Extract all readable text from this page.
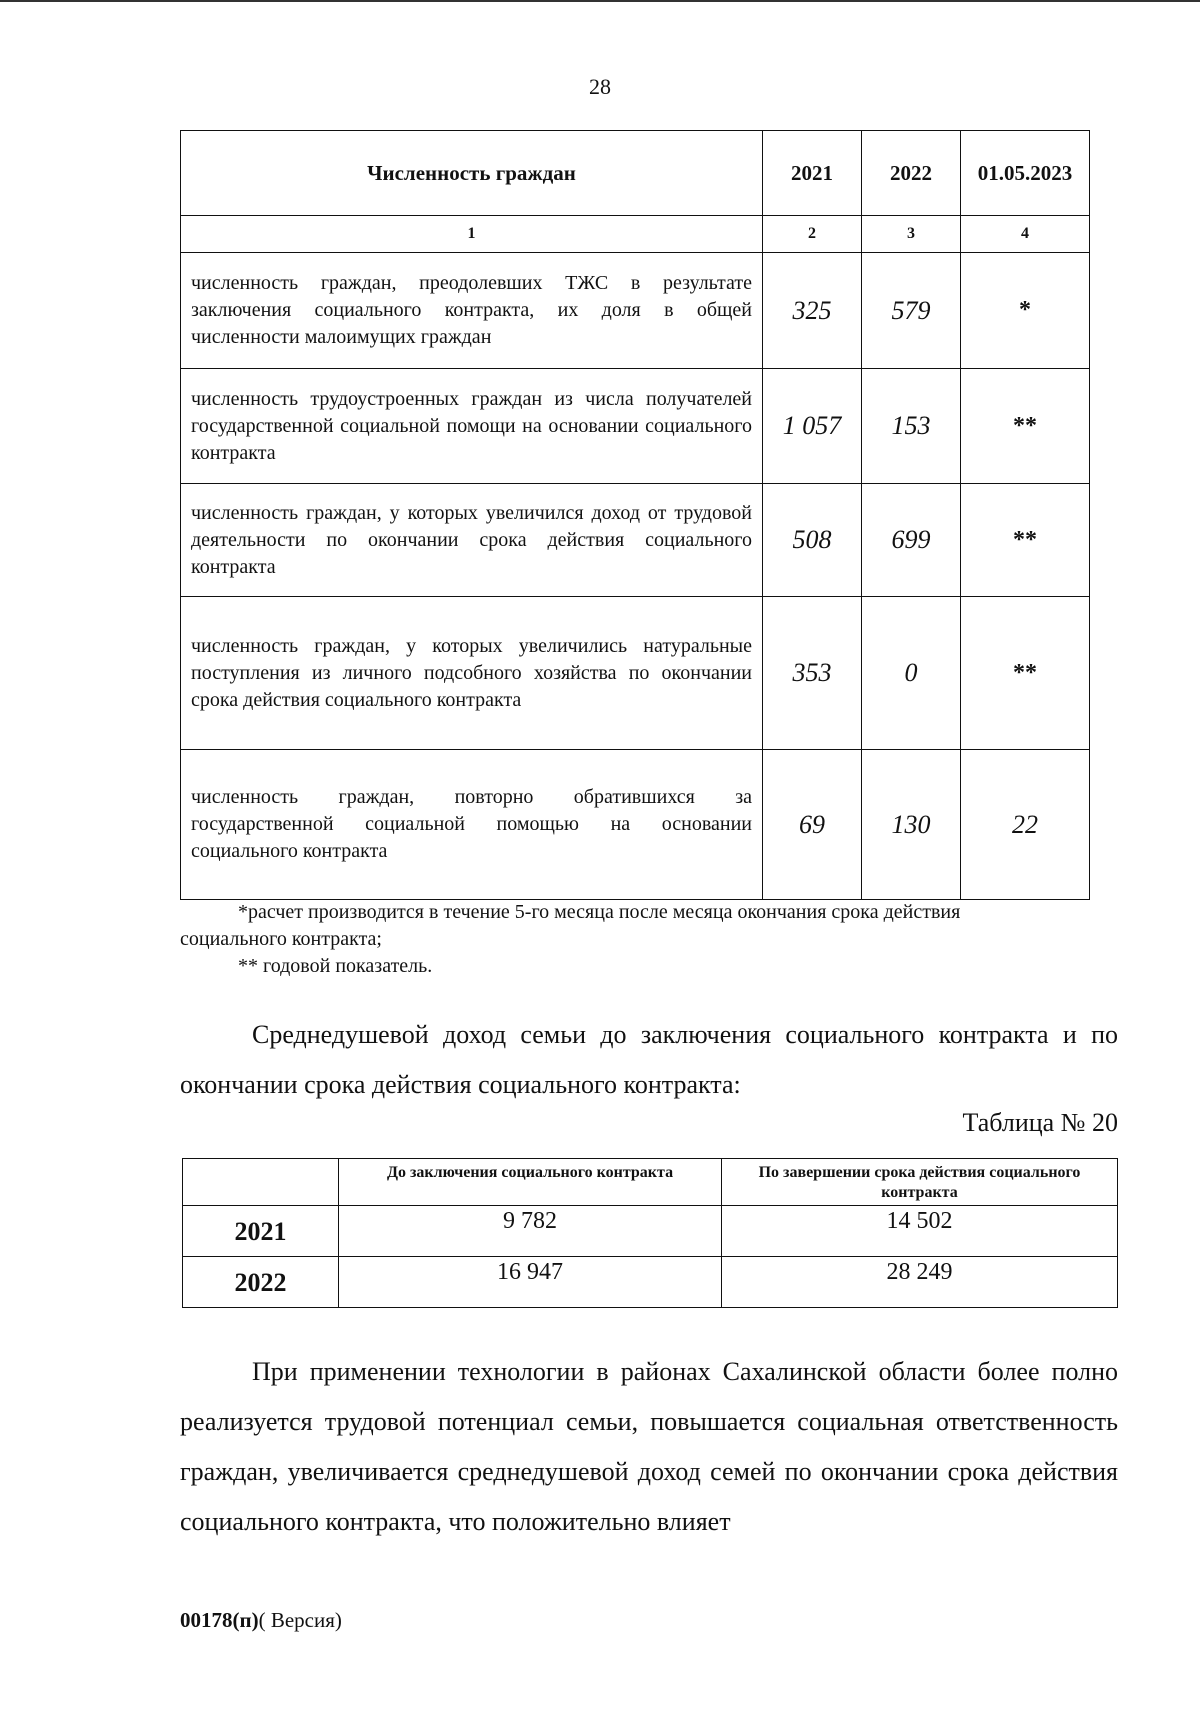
28
Численность граждан	2021	2022	01.05.2023
1	2	3	4
численность граждан, преодолевших ТЖС в результате заключения социального контракта, их доля в общей численности малоимущих граждан	325	579	*
численность трудоустроенных граждан из числа получателей государственной социальной помощи на основании социального контракта	1 057	153	**
численность граждан, у которых увеличился доход от трудовой деятельности по окончании срока действия социального контракта	508	699	**
численность граждан, у которых увеличились натуральные поступления из личного подсобного хозяйства по окончании срока действия социального контракта	353	0	**
численность граждан, повторно обратившихся за государственной социальной помощью на основании социального контракта	69	130	22

*расчет производится в течение 5-го месяца после месяца окончания срока действия

социального контракта;

** годовой показатель.

Среднедушевой доход семьи до заключения социального контракта и по окончании срока действия социального контракта:
Таблица № 20
	До заключения социального контракта	По завершении срока действия социального контракта
2021	9 782	14 502
2022	16 947	28 249
При применении технологии в районах Сахалинской области более полно реализуется трудовой потенциал семьи, повышается социальная ответственность граждан, увеличивается среднедушевой доход семей по окончании срока действия социального контракта, что положительно влияет
00178(п)( Версия)
